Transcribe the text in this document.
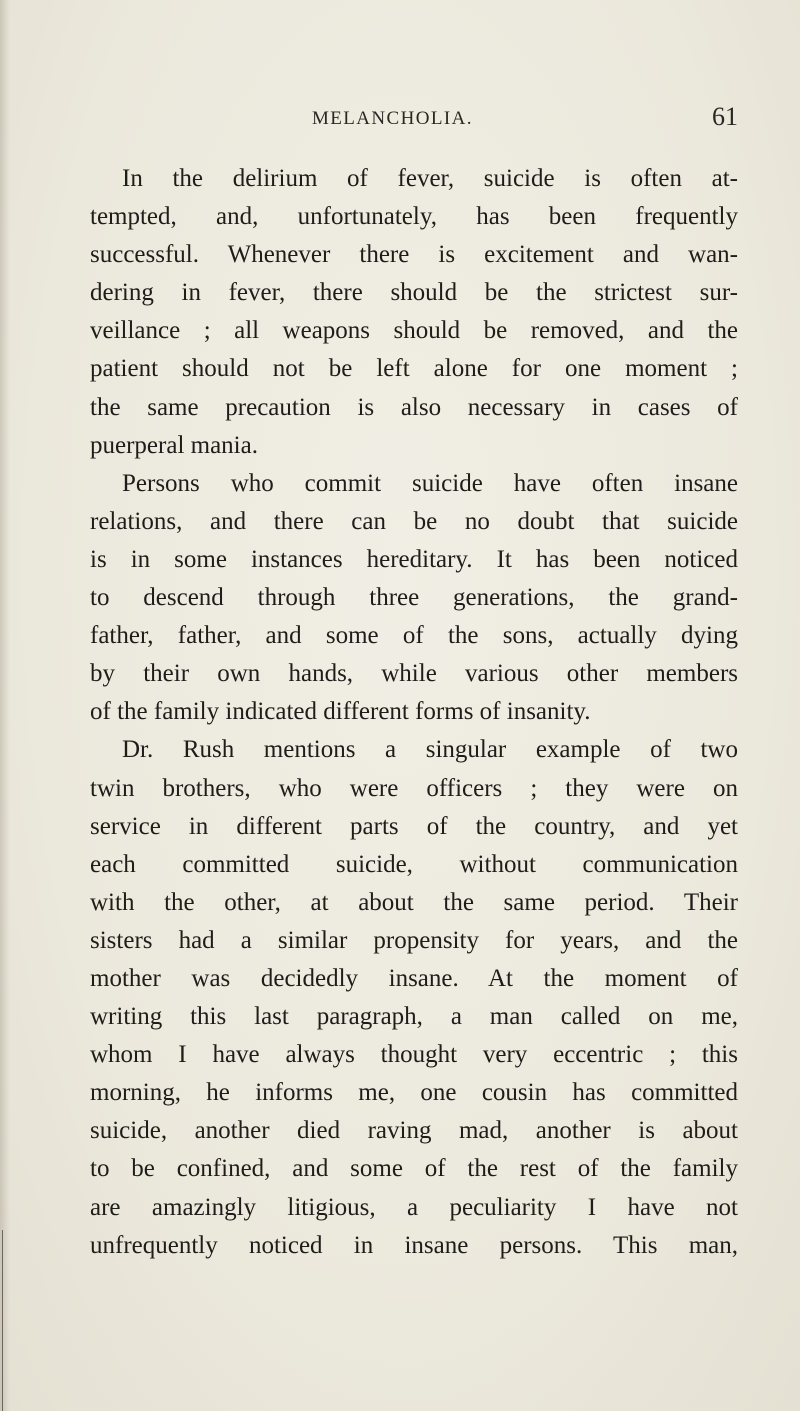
MELANCHOLIA.	61
In the delirium of fever, suicide is often at-
tempted, and, unfortunately, has been frequently
successful. Whenever there is excitement and wan-
dering in fever, there should be the strictest sur-
veillance ; all weapons should be removed, and the
patient should not be left alone for one moment ;
the same precaution is also necessary in cases of
puerperal mania.
Persons who commit suicide have often insane
relations, and there can be no doubt that suicide
is in some instances hereditary. It has been noticed
to descend through three generations, the grand-
father, father, and some of the sons, actually dying
by their own hands, while various other members
of the family indicated different forms of insanity.
Dr. Rush mentions a singular example of two
twin brothers, who were officers ; they were on
service in different parts of the country, and yet
each committed suicide, without communication
with the other, at about the same period. Their
sisters had a similar propensity for years, and the
mother was decidedly insane. At the moment of
writing this last paragraph, a man called on me,
whom I have always thought very eccentric ; this
morning, he informs me, one cousin has committed
suicide, another died raving mad, another is about
to be confined, and some of the rest of the family
are amazingly litigious, a peculiarity I have not
unfrequently noticed in insane persons. This man,
